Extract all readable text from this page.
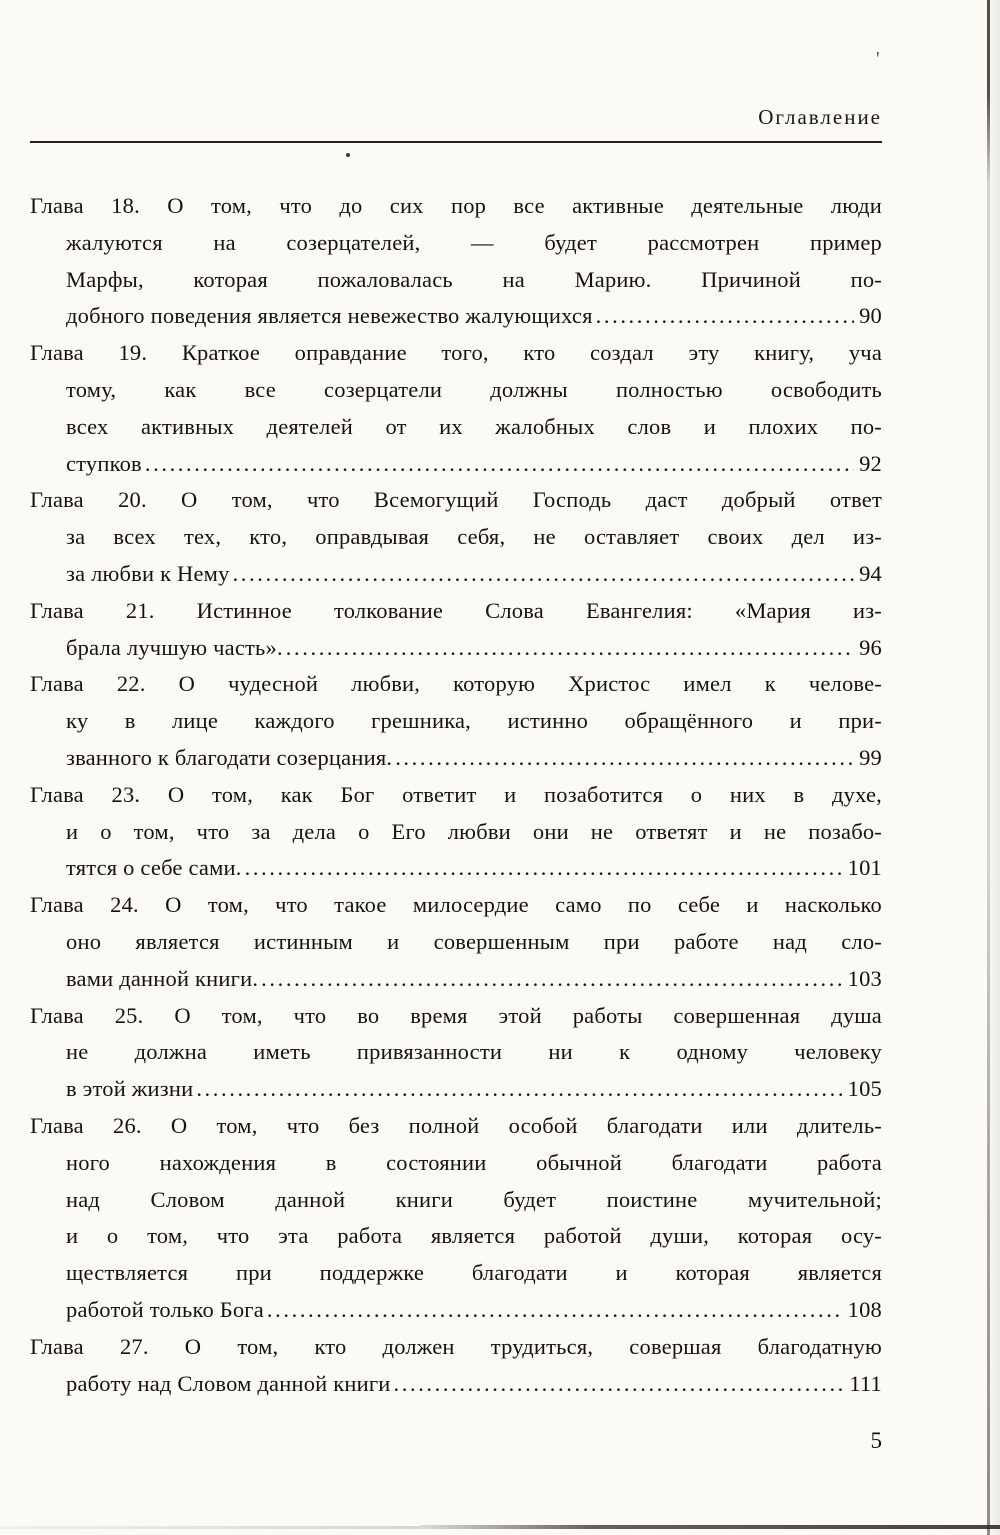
Оглавление
Глава 18. О том, что до сих пор все активные деятельные люди
жалуются на созерцателей, — будет рассмотрен пример
Марфы, которая пожаловалась на Марию. Причиной по-
добного поведения является невежество жалующихся .....	90
Глава 19. Краткое оправдание того, кто создал эту книгу, уча
тому, как все созерцатели должны полностью освободить
всех активных деятелей от их жалобных слов и плохих по-
ступков .....	92
Глава 20. О том, что Всемогущий Господь даст добрый ответ
за всех тех, кто, оправдывая себя, не оставляет своих дел из-
за любви к Нему .....	94
Глава 21. Истинное толкование Слова Евангелия: «Мария из-
брала лучшую часть». .....	96
Глава 22. О чудесной любви, которую Христос имел к челове-
ку в лице каждого грешника, истинно обращённого и при-
званного к благодати созерцания. .....	99
Глава 23. О том, как Бог ответит и позаботится о них в духе,
и о том, что за дела о Его любви они не ответят и не позабо-
тятся о себе сами. .....	101
Глава 24. О том, что такое милосердие само по себе и насколько
оно является истинным и совершенным при работе над сло-
вами данной книги. .....	103
Глава 25. О том, что во время этой работы совершенная душа
не должна иметь привязанности ни к одному человеку
в этой жизни .....	105
Глава 26. О том, что без полной особой благодати или длитель-
ного нахождения в состоянии обычной благодати работа
над Словом данной книги будет поистине мучительной;
и о том, что эта работа является работой души, которая осу-
ществляется при поддержке благодати и которая является
работой только Бога .....	108
Глава 27. О том, кто должен трудиться, совершая благодатную
работу над Словом данной книги .....	111
5
'
